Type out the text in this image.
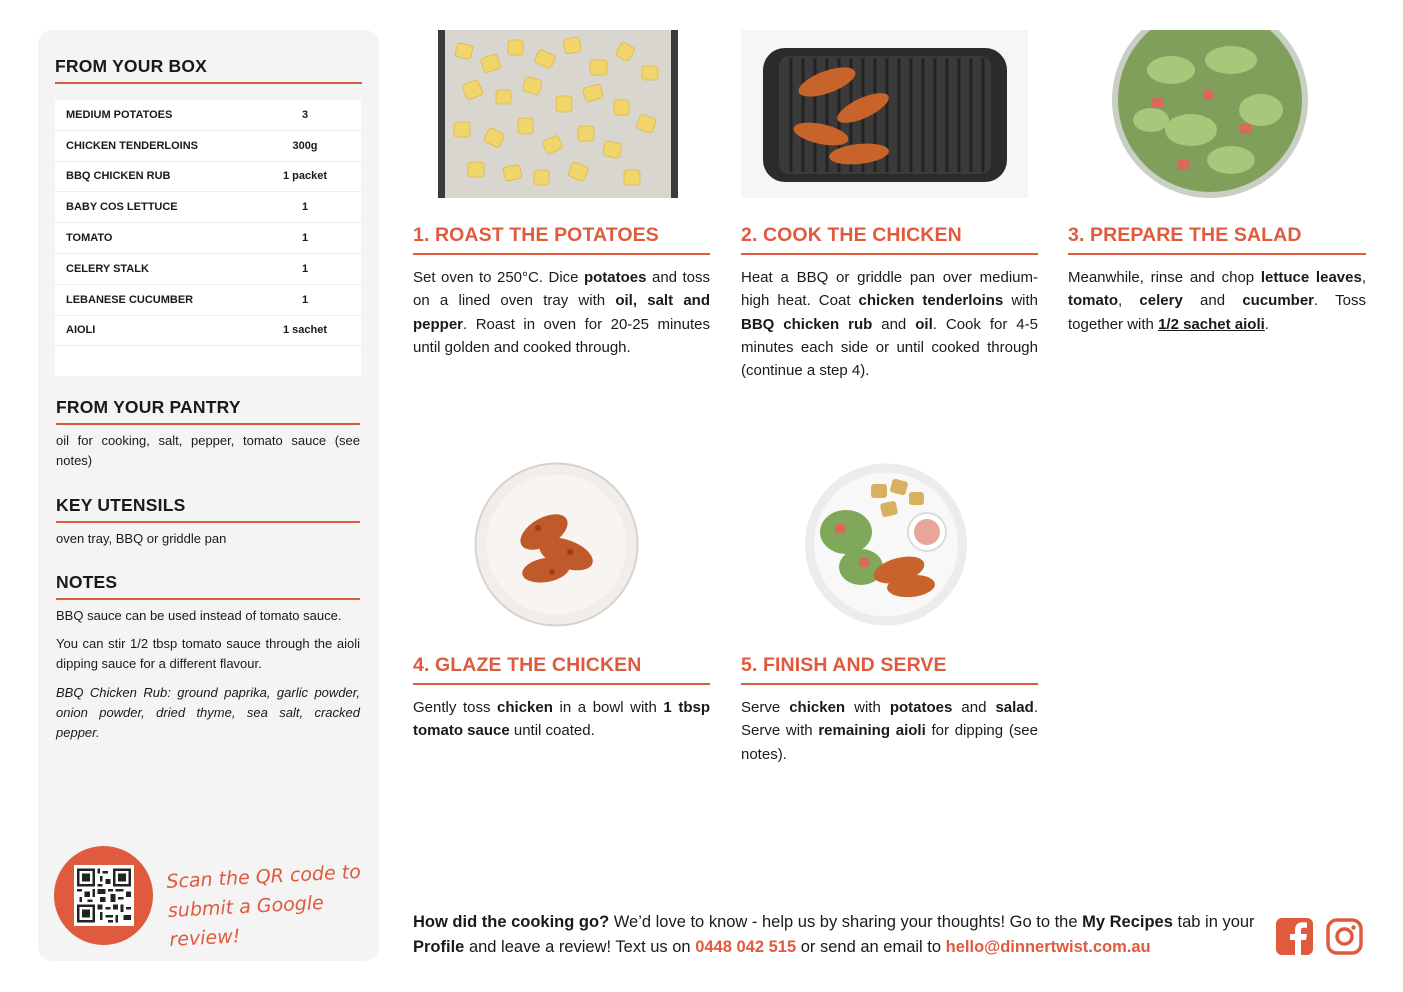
FROM YOUR BOX
MEDIUM POTATOES	3
CHICKEN TENDERLOINS	300g
BBQ CHICKEN RUB	1 packet
BABY COS LETTUCE	1
TOMATO	1
CELERY STALK	1
LEBANESE CUCUMBER	1
AIOLI	1 sachet
FROM YOUR PANTRY
oil for cooking, salt, pepper, tomato sauce (see notes)
KEY UTENSILS
oven tray, BBQ or griddle pan
NOTES
BBQ sauce can be used instead of tomato sauce.
You can stir 1/2 tbsp tomato sauce through the aioli dipping sauce for a different flavour.
BBQ Chicken Rub: ground paprika, garlic powder, onion powder, dried thyme, sea salt, cracked pepper.
Scan the QR code to
submit a Google review!
1. ROAST THE POTATOES
Set oven to 250°C. Dice potatoes and toss on a lined oven tray with oil, salt and pepper. Roast in oven for 20-25 minutes until golden and cooked through.
2. COOK THE CHICKEN
Heat a BBQ or griddle pan over medium-high heat. Coat chicken tenderloins with BBQ chicken rub and oil. Cook for 4-5 minutes each side or until cooked through (continue a step 4).
3. PREPARE THE SALAD
Meanwhile, rinse and chop lettuce leaves, tomato, celery and cucumber. Toss together with 1/2 sachet aioli.
4. GLAZE THE CHICKEN
Gently toss chicken in a bowl with 1 tbsp tomato sauce until coated.
5. FINISH AND SERVE
Serve chicken with potatoes and salad. Serve with remaining aioli for dipping (see notes).
How did the cooking go? We’d love to know - help us by sharing your thoughts! Go to the My Recipes tab in your Profile and leave a review! Text us on 0448 042 515 or send an email to hello@dinnertwist.com.au
